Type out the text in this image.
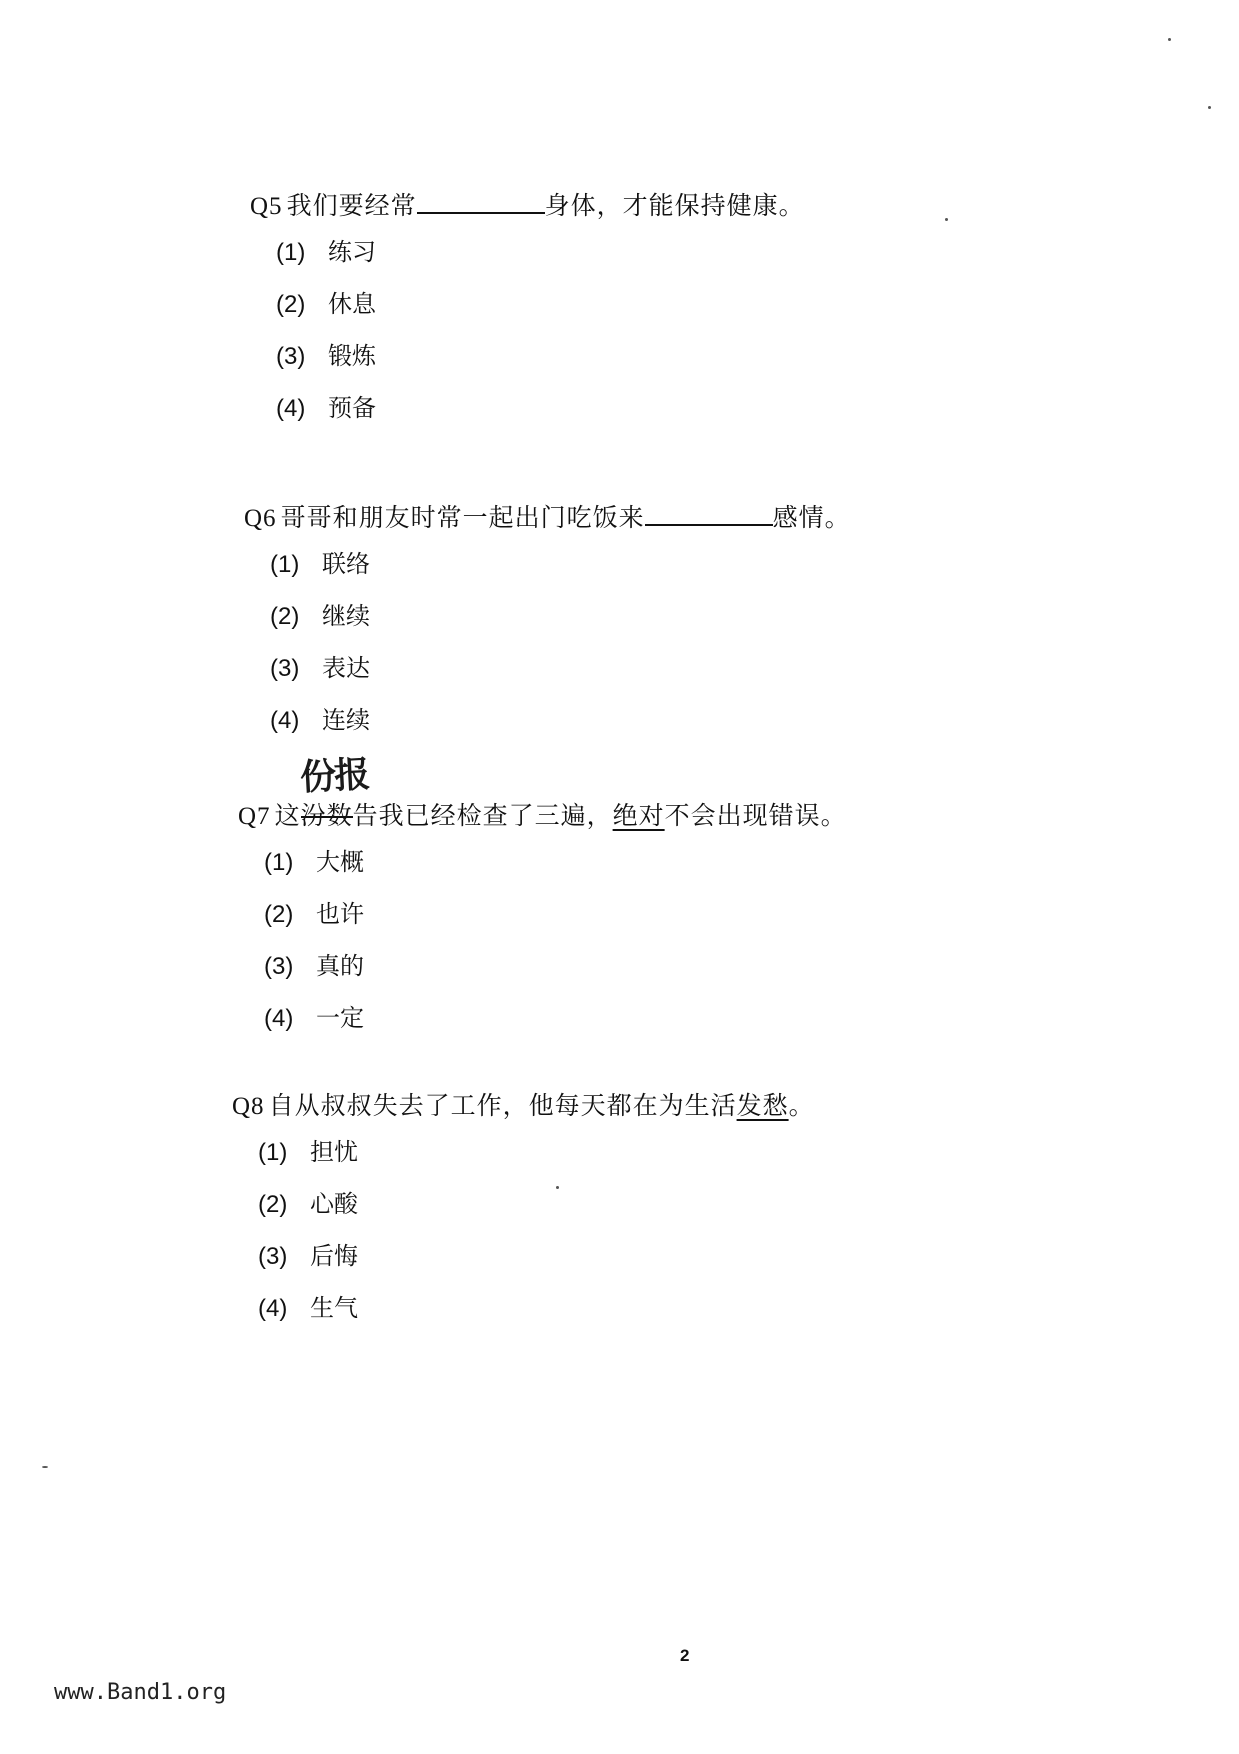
Q5 我们要经常	身体，才能保持健康。
(1) 练习
(2) 休息
(3) 锻炼
(4) 预备
Q6 哥哥和朋友时常一起出门吃饭来	感情。
(1) 联络
(2) 继续
(3) 表达
(4) 连续
份报
Q7 这汾数告我已经检查了三遍，绝对不会出现错误。
(1) 大概
(2) 也许
(3) 真的
(4) 一定
Q8 自从叔叔失去了工作，他每天都在为生活发愁。
(1) 担忧
(2) 心酸
(3) 后悔
(4) 生气
2
www.Band1.org
